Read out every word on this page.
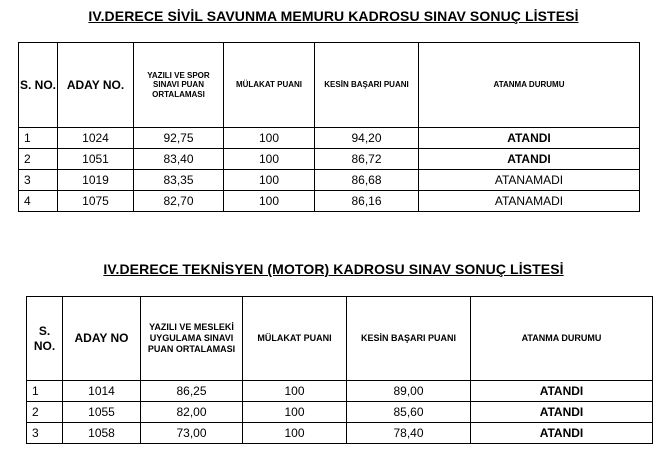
IV.DERECE SİVİL SAVUNMA MEMURU KADROSU SINAV SONUÇ LİSTESİ
S. NO.	ADAY NO.	YAZILI VE SPOR SINAVI PUAN ORTALAMASI	MÜLAKAT PUANI	KESİN BAŞARI PUANI	ATANMA DURUMU
1	1024	92,75	100	94,20	ATANDI
2	1051	83,40	100	86,72	ATANDI
3	1019	83,35	100	86,68	ATANAMADI
4	1075	82,70	100	86,16	ATANAMADI
IV.DERECE TEKNİSYEN (MOTOR) KADROSU SINAV SONUÇ LİSTESİ
S. NO.	ADAY NO	YAZILI VE MESLEKİ UYGULAMA SINAVI PUAN ORTALAMASI	MÜLAKAT PUANI	KESİN BAŞARI PUANI	ATANMA DURUMU
1	1014	86,25	100	89,00	ATANDI
2	1055	82,00	100	85,60	ATANDI
3	1058	73,00	100	78,40	ATANDI
